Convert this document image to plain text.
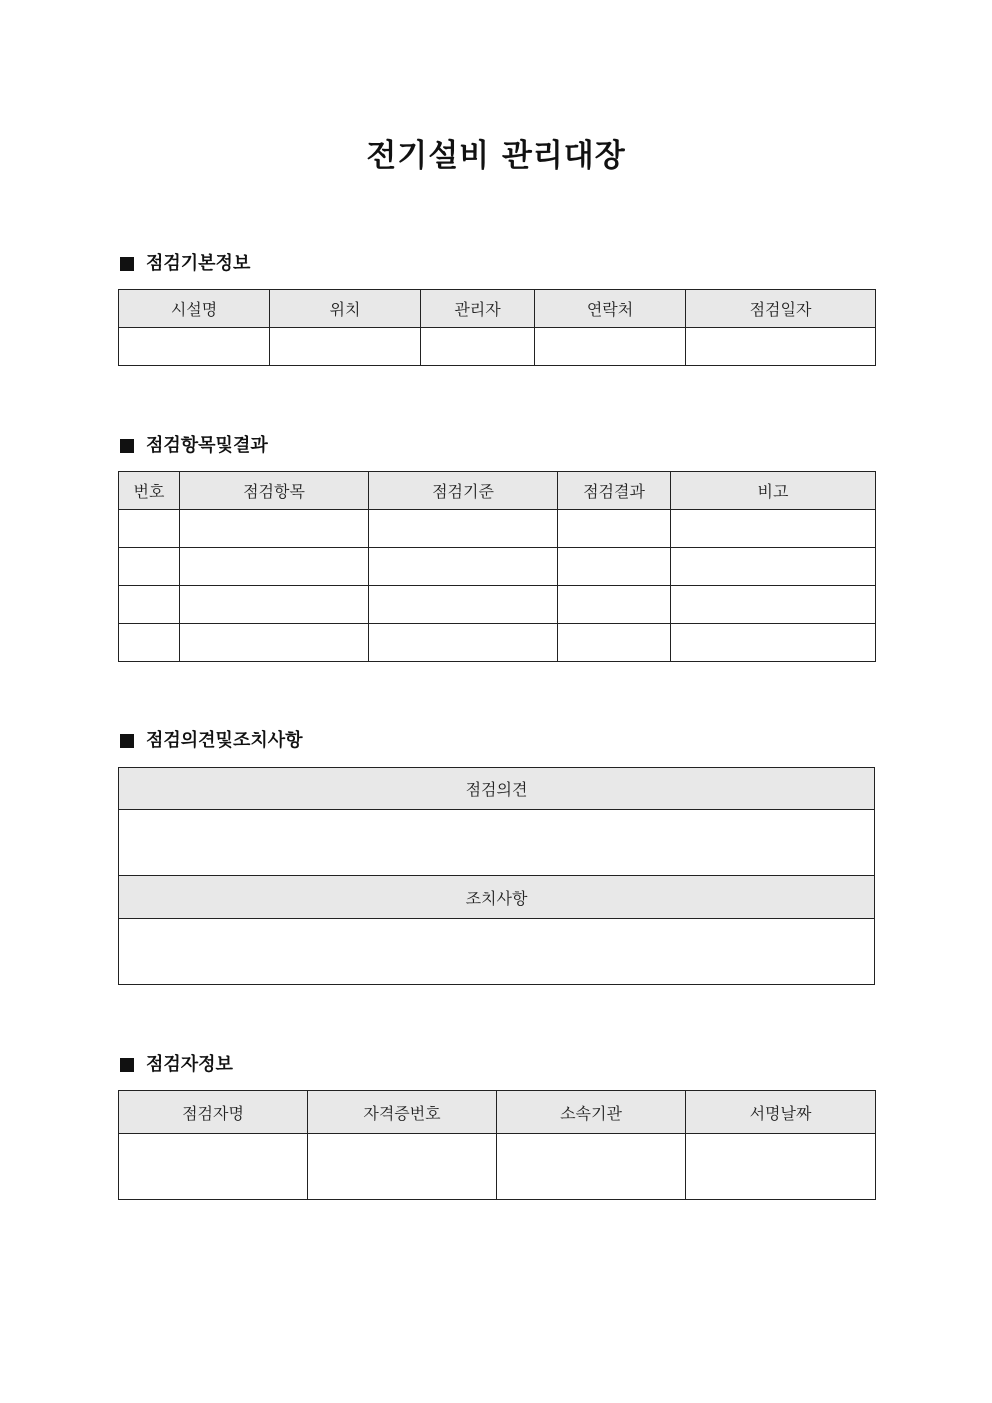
전기설비 관리대장
점검기본정보
시설명	위치	관리자	연락처	점검일자

점검항목및결과
번호	점검항목	점검기준	점검결과	비고

점검의견및조치사항
점검의견

조치사항

점검자정보
점검자명	자격증번호	소속기관	서명날짜
